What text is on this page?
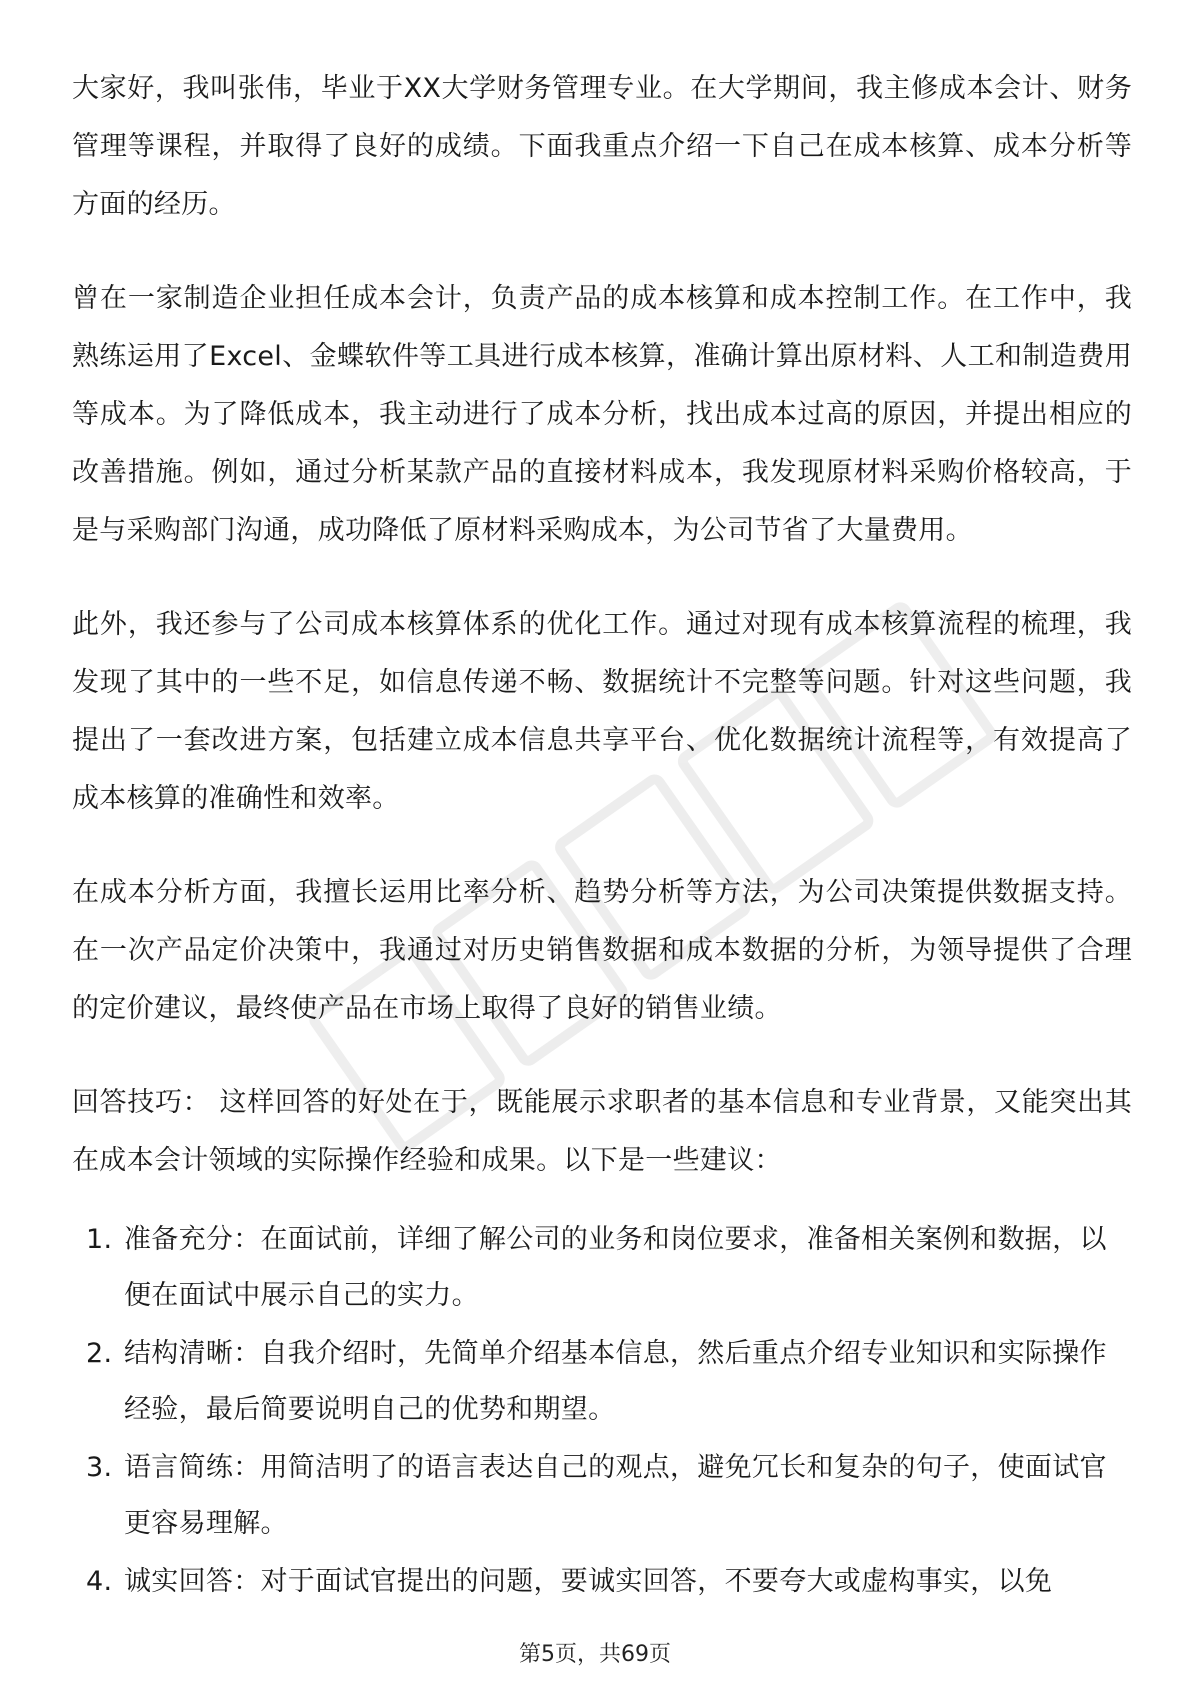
大家好，我叫张伟，毕业于XX大学财务管理专业。在大学期间，我主修成本会计、财务管理等课程，并取得了良好的成绩。下面我重点介绍一下自己在成本核算、成本分析等方面的经历。

曾在一家制造企业担任成本会计，负责产品的成本核算和成本控制工作。在工作中，我熟练运用了Excel、金蝶软件等工具进行成本核算，准确计算出原材料、人工和制造费用等成本。为了降低成本，我主动进行了成本分析，找出成本过高的原因，并提出相应的改善措施。例如，通过分析某款产品的直接材料成本，我发现原材料采购价格较高，于是与采购部门沟通，成功降低了原材料采购成本，为公司节省了大量费用。

此外，我还参与了公司成本核算体系的优化工作。通过对现有成本核算流程的梳理，我发现了其中的一些不足，如信息传递不畅、数据统计不完整等问题。针对这些问题，我提出了一套改进方案，包括建立成本信息共享平台、优化数据统计流程等，有效提高了成本核算的准确性和效率。

在成本分析方面，我擅长运用比率分析、趋势分析等方法，为公司决策提供数据支持。在一次产品定价决策中，我通过对历史销售数据和成本数据的分析，为领导提供了合理的定价建议，最终使产品在市场上取得了良好的销售业绩。

回答技巧： 这样回答的好处在于，既能展示求职者的基本信息和专业背景，又能突出其在成本会计领域的实际操作经验和成果。以下是一些建议：

1. 准备充分：在面试前，详细了解公司的业务和岗位要求，准备相关案例和数据，以便在面试中展示自己的实力。
2. 结构清晰：自我介绍时，先简单介绍基本信息，然后重点介绍专业知识和实际操作经验，最后简要说明自己的优势和期望。
3. 语言简练：用简洁明了的语言表达自己的观点，避免冗长和复杂的句子，使面试官更容易理解。
4. 诚实回答：对于面试官提出的问题，要诚实回答，不要夸大或虚构事实，以免
第5页，共69页
